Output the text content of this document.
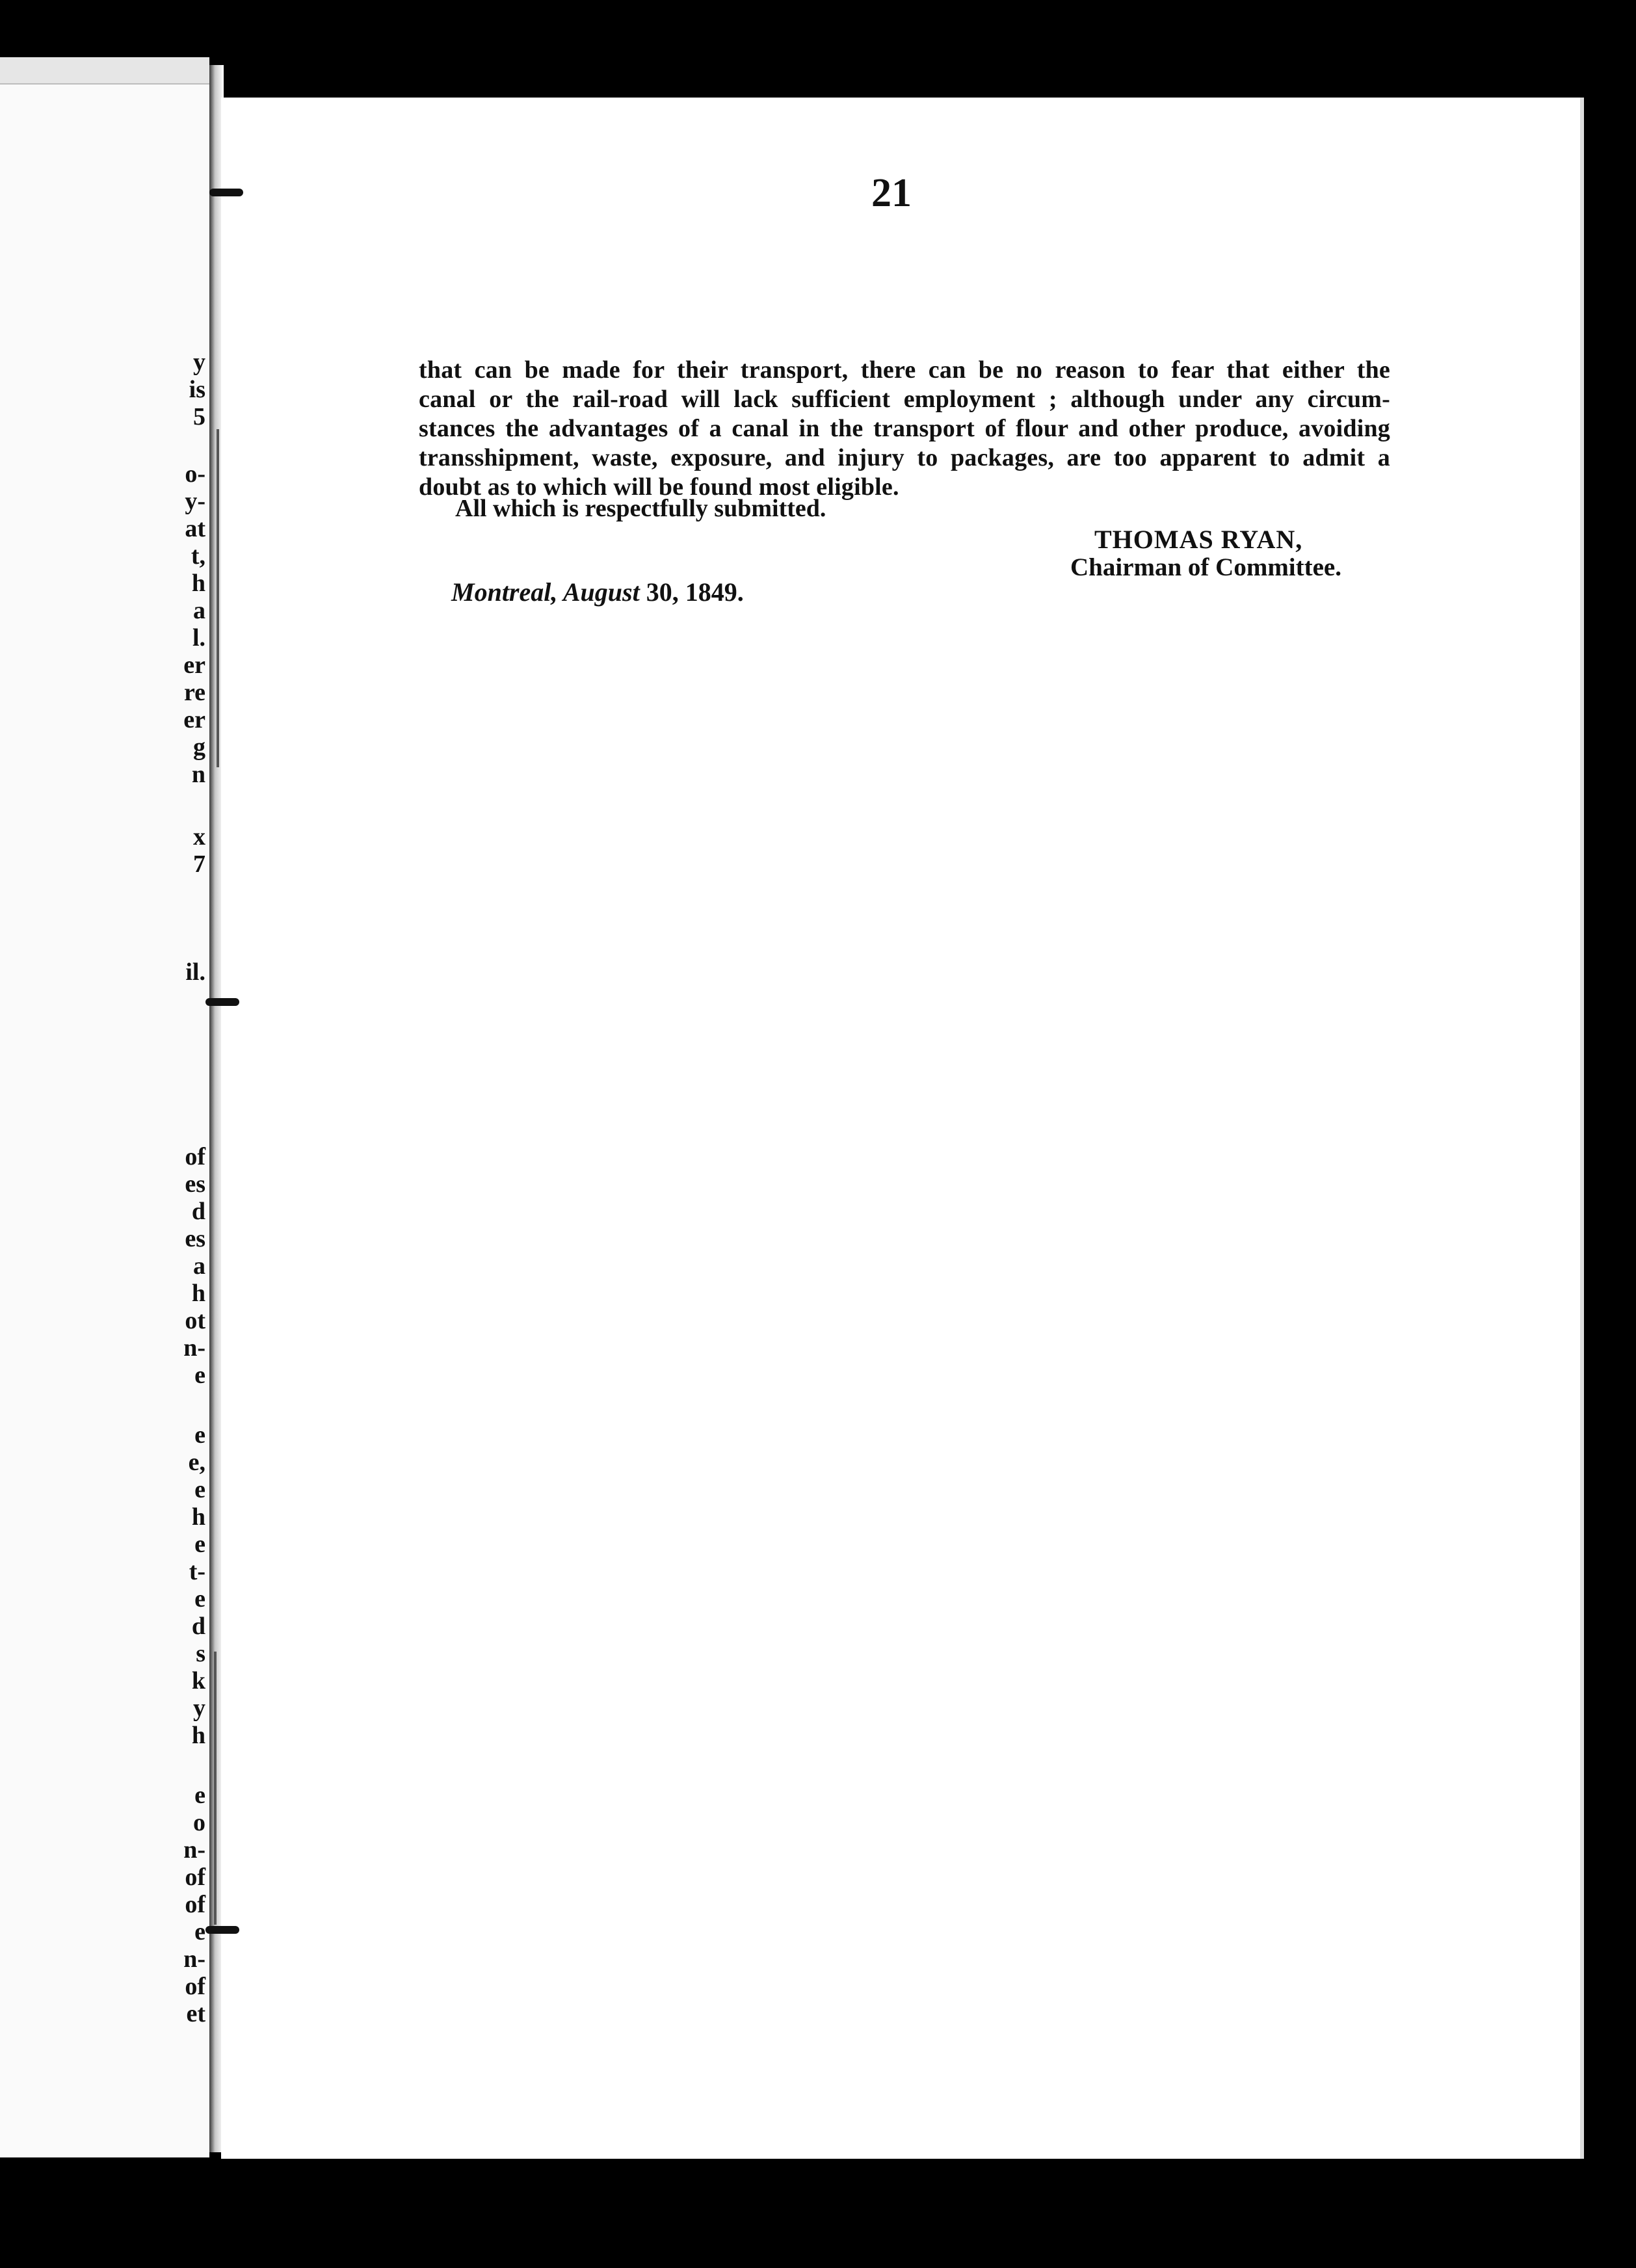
y
is
5
o-
y-
at
t,
h
a
l.
er
re
er
g
n
x
7
il.
of
es
d
es
a
h
ot
n-
e
e
e,
e
h
e
t-
e
d
s
k
y
h
e
o
n-
of
of
e
n-
of
et
21
that can be made for their transport, there can be no reason to fear that either the
canal or the rail-road will lack sufficient employment ; although under any circum-
stances the advantages of a canal in the transport of flour and other produce, avoiding
transshipment, waste, exposure, and injury to packages, are too apparent to admit a
doubt as to which will be found most eligible.
All which is respectfully submitted.
THOMAS RYAN,
Chairman of Committee.
Montreal, August 30, 1849.
